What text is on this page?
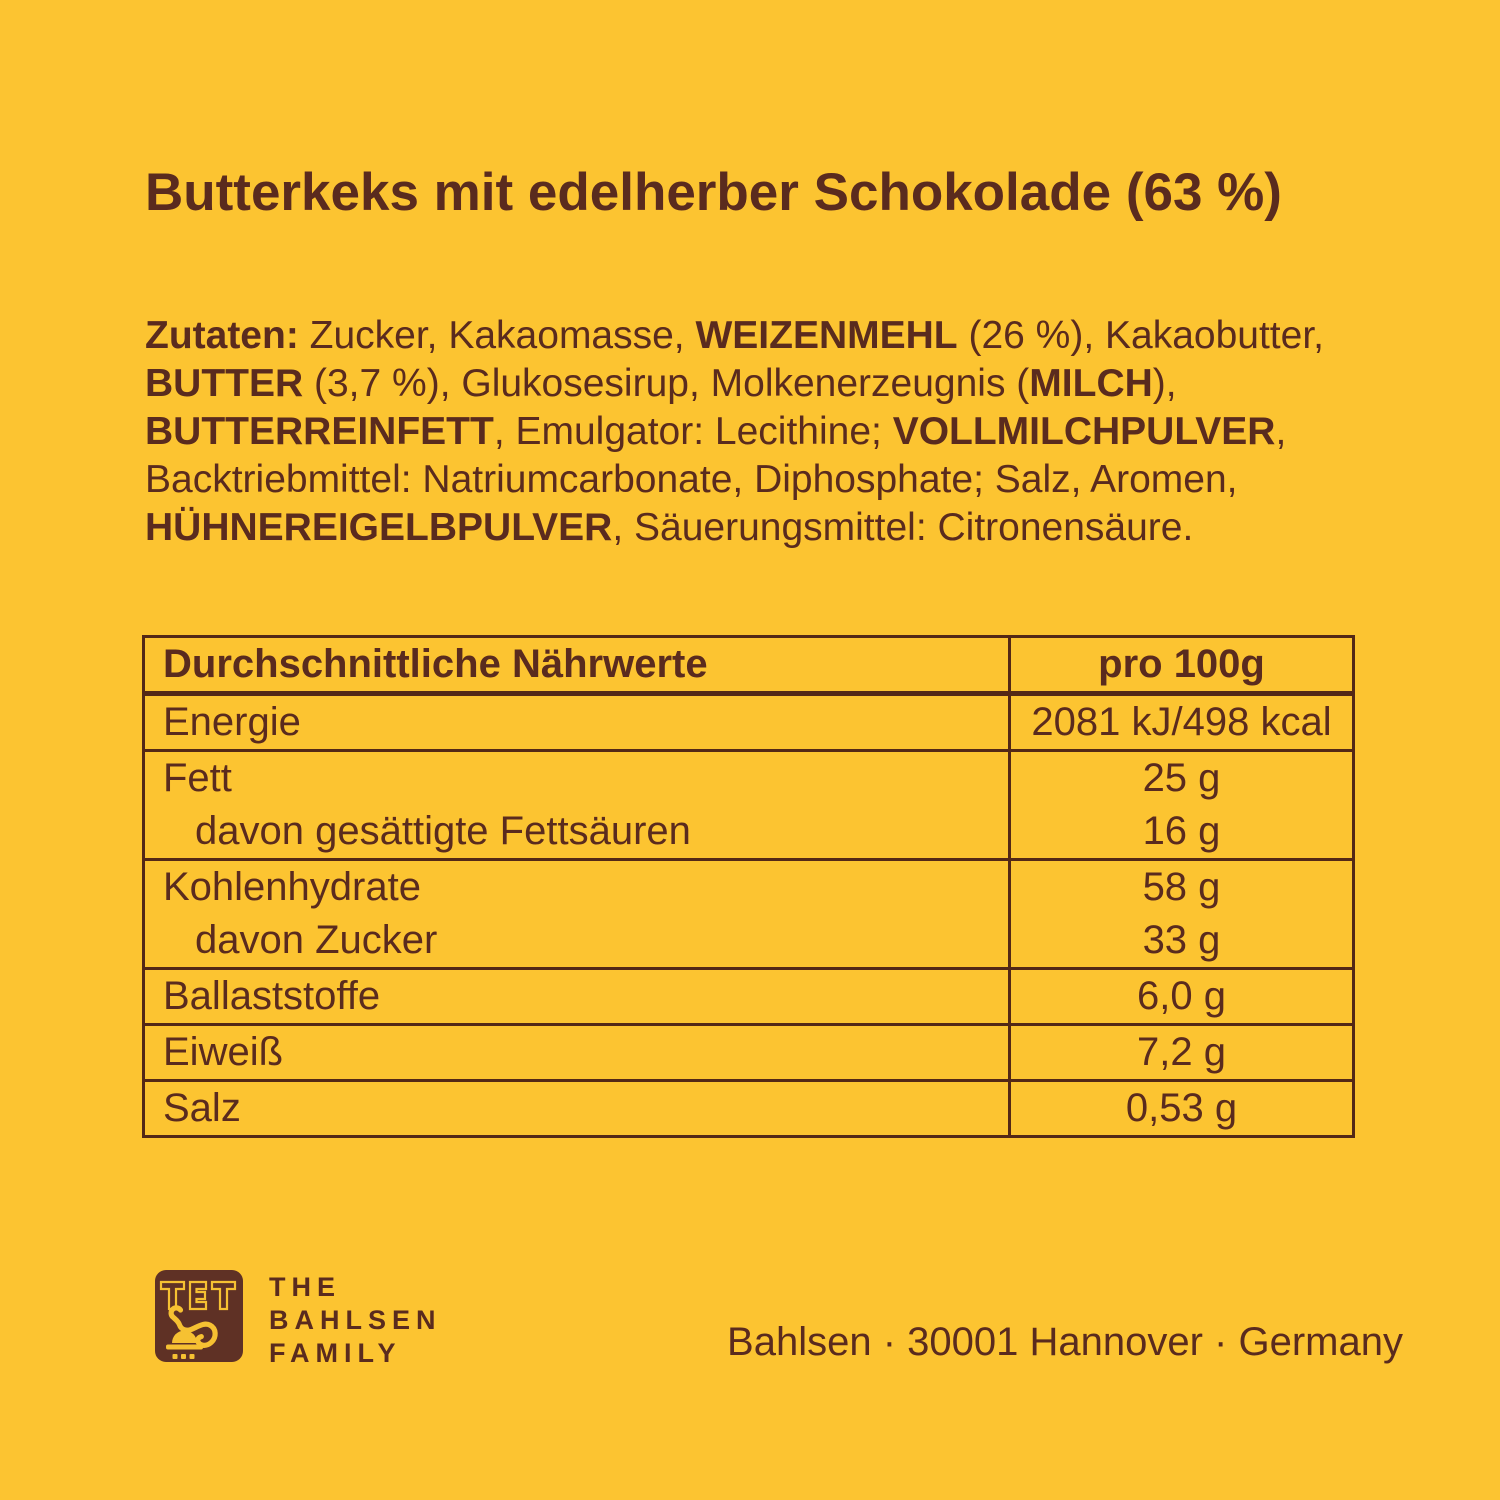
Butterkeks mit edelherber Schokolade (63 %)
Zutaten: Zucker, Kakaomasse, WEIZENMEHL (26 %), Kakaobutter,
BUTTER (3,7 %), Glukosesirup, Molkenerzeugnis (MILCH),
BUTTERREINFETT, Emulgator: Lecithine; VOLLMILCHPULVER,
Backtriebmittel: Natriumcarbonate, Diphosphate; Salz, Aromen,
HÜHNEREIGELBPULVER, Säuerungsmittel: Citronensäure.
Durchschnittliche Nährwerte	pro 100g
Energie	2081 kJ/498 kcal
Fett	25 g
davon gesättigte Fettsäuren	16 g
Kohlenhydrate	58 g
davon Zucker	33 g
Ballaststoffe	6,0 g
Eiweiß	7,2 g
Salz	0,53 g
THE
BAHLSEN
FAMILY	Bahlsen · 30001 Hannover · Germany
